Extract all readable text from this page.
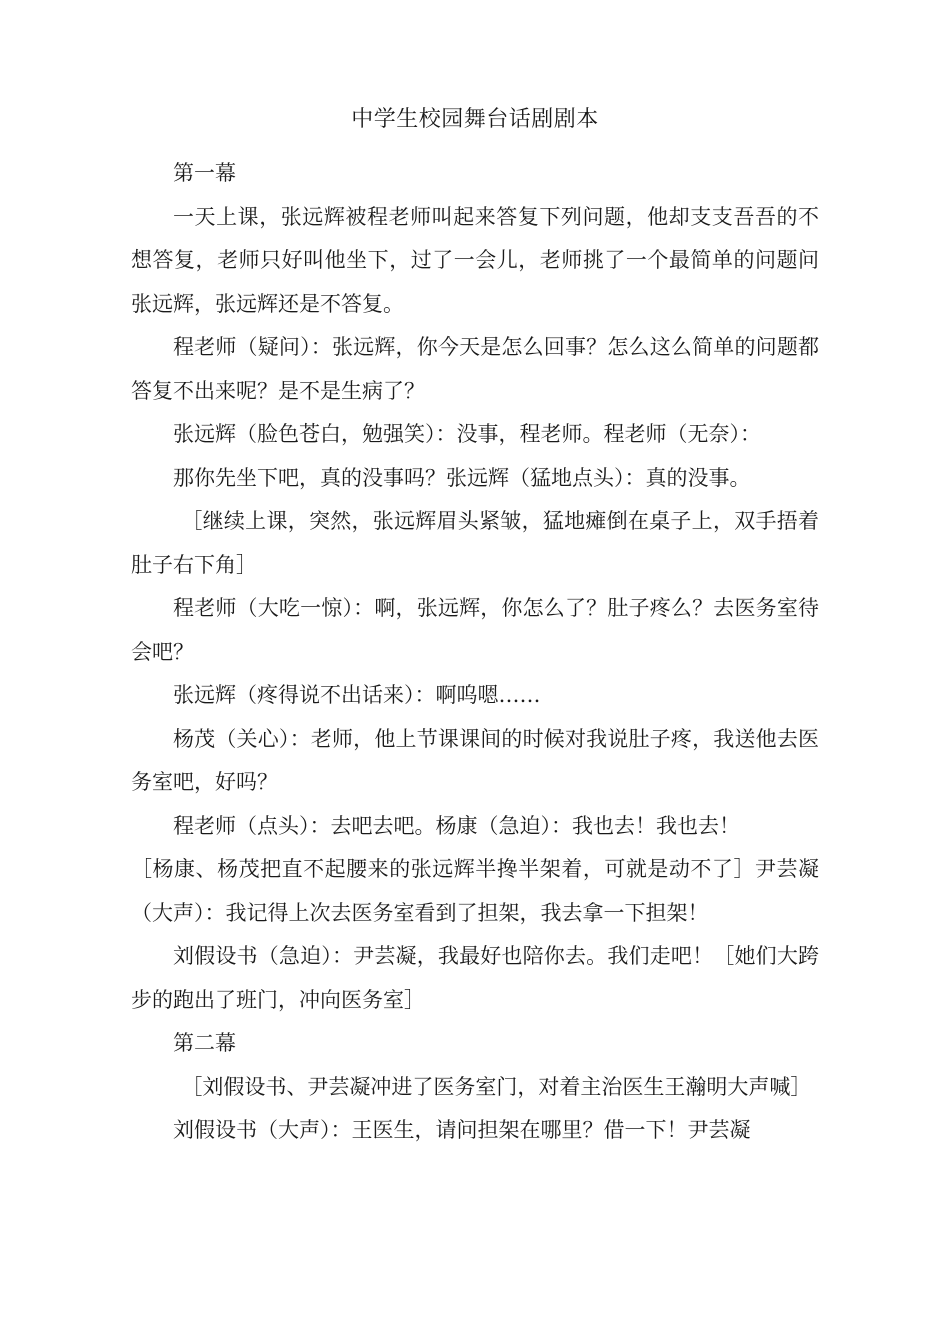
中学生校园舞台话剧剧本

第一幕

一天上课，张远辉被程老师叫起来答复下列问题，他却支支吾吾的不想答复，老师只好叫他坐下，过了一会儿，老师挑了一个最简单的问题问张远辉，张远辉还是不答复。

程老师（疑问）：张远辉，你今天是怎么回事？怎么这么简单的问题都答复不出来呢？是不是生病了？

张远辉（脸色苍白，勉强笑）：没事，程老师。程老师（无奈）：

那你先坐下吧，真的没事吗？张远辉（猛地点头）：真的没事。

［继续上课，突然，张远辉眉头紧皱，猛地瘫倒在桌子上，双手捂着肚子右下角］

程老师（大吃一惊）：啊，张远辉，你怎么了？肚子疼么？去医务室待会吧？

张远辉（疼得说不出话来）：啊呜嗯……

杨茂（关心）：老师，他上节课课间的时候对我说肚子疼，我送他去医务室吧，好吗？

程老师（点头）：去吧去吧。杨康（急迫）：我也去！我也去！

［杨康、杨茂把直不起腰来的张远辉半搀半架着，可就是动不了］尹芸凝（大声）：我记得上次去医务室看到了担架，我去拿一下担架！

刘假设书（急迫）：尹芸凝，我最好也陪你去。我们走吧！［她们大跨步的跑出了班门，冲向医务室］

第二幕

［刘假设书、尹芸凝冲进了医务室门，对着主治医生王瀚明大声喊］

刘假设书（大声）：王医生，请问担架在哪里？借一下！尹芸凝
